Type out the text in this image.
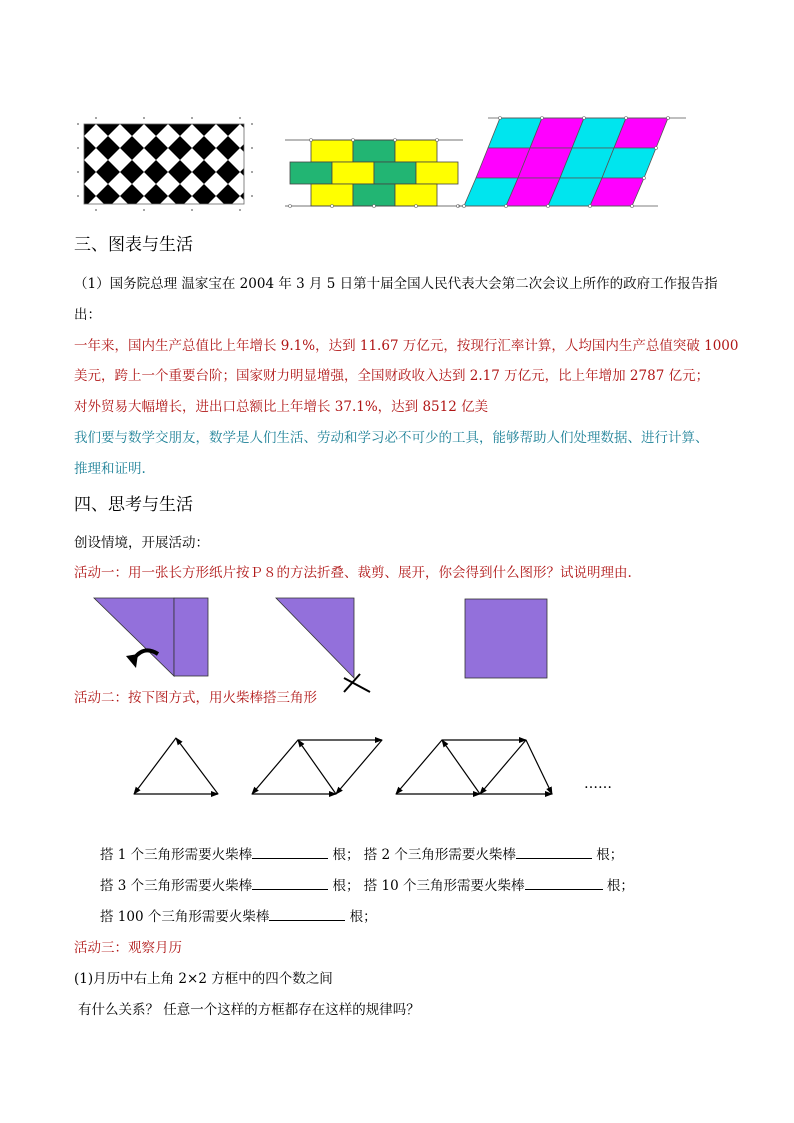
三、图表与生活
（1）国务院总理 温家宝在 2004 年 3 月 5 日第十届全国人民代表大会第二次会议上所作的政府工作报告指
出：
一年来，国内生产总值比上年增长 9.1%，达到 11.67 万亿元，按现行汇率计算，人均国内生产总值突破 1000
美元，跨上一个重要台阶；国家财力明显增强，全国财政收入达到 2.17 万亿元，比上年增加 2787 亿元；
对外贸易大幅增长，进出口总额比上年增长 37.1%，达到 8512 亿美
我们要与数学交朋友，数学是人们生活、劳动和学习必不可少的工具，能够帮助人们处理数据、进行计算、
推理和证明.
四、思考与生活
创设情境，开展活动：
活动一：用一张长方形纸片按Ｐ８的方法折叠、裁剪、展开，你会得到什么图形？试说明理由.
活动二：按下图方式，用火柴棒搭三角形
……
搭 1 个三角形需要火柴棒	根； 搭 2 个三角形需要火柴棒	根；
搭 3 个三角形需要火柴棒	根； 搭 10 个三角形需要火柴棒	根；
搭 100 个三角形需要火柴棒	根；
活动三：观察月历
(1)月历中右上角 2×2 方框中的四个数之间
有什么关系？ 任意一个这样的方框都存在这样的规律吗？
